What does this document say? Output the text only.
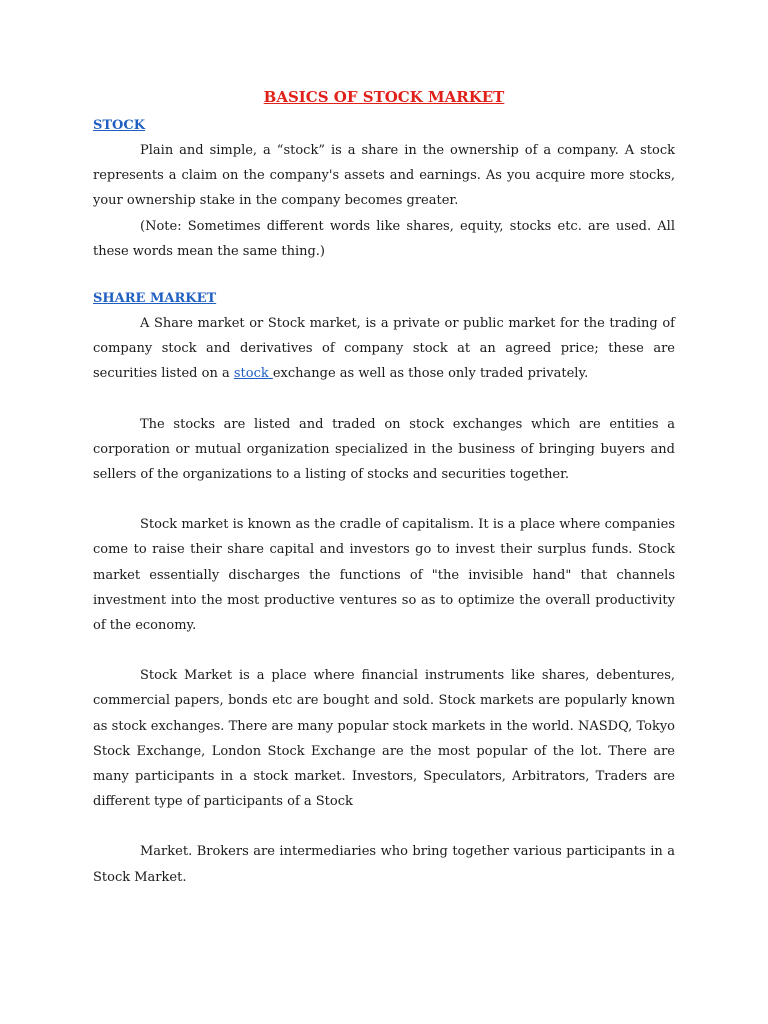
BASICS OF STOCK MARKET
STOCK

Plain and simple, a “stock” is a share in the ownership of a company. A stock represents a claim on the company's assets and earnings. As you acquire more stocks, your ownership stake in the company becomes greater.

(Note: Sometimes different words like shares, equity, stocks etc. are used. All these words mean the same thing.)

SHARE MARKET

A Share market or Stock market, is a private or public market for the trading of company stock and derivatives of company stock at an agreed price; these are securities listed on a stock exchange as well as those only traded privately.

The stocks are listed and traded on stock exchanges which are entities a corporation or mutual organization specialized in the business of bringing buyers and sellers of the organizations to a listing of stocks and securities together.

Stock market is known as the cradle of capitalism. It is a place where companies come to raise their share capital and investors go to invest their surplus funds. Stock market essentially discharges the functions of "the invisible hand" that channels investment into the most productive ventures so as to optimize the overall productivity of the economy.

Stock Market is a place where financial instruments like shares, debentures, commercial papers, bonds etc are bought and sold. Stock markets are popularly known as stock exchanges. There are many popular stock markets in the world. NASDQ, Tokyo Stock Exchange, London Stock Exchange are the most popular of the lot. There are many participants in a stock market. Investors, Speculators, Arbitrators, Traders are different type of participants of a Stock

Market. Brokers are intermediaries who bring together various participants in a Stock Market.
